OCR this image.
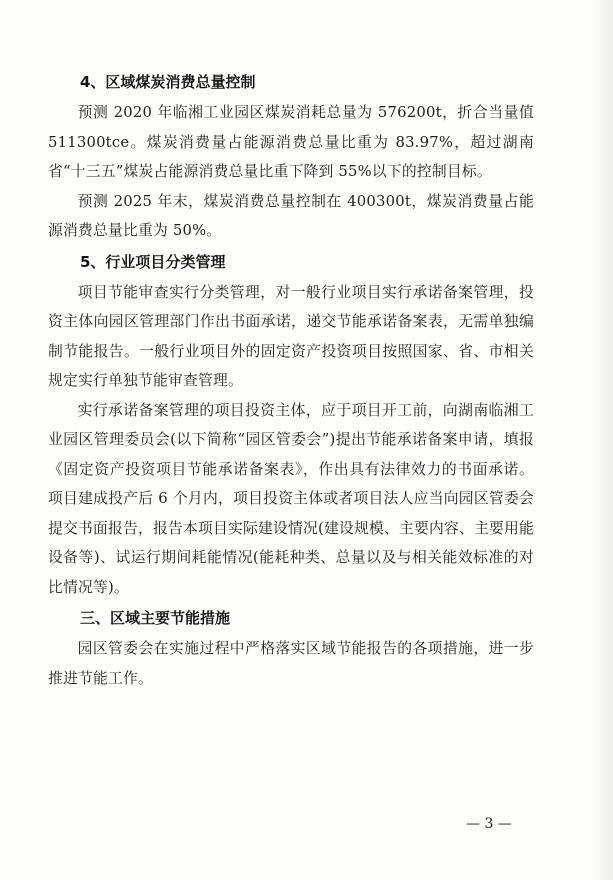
4、区域煤炭消费总量控制

预测 2020 年临湘工业园区煤炭消耗总量为 576200t，折合当量值 511300tce。煤炭消费量占能源消费总量比重为 83.97%，超过湖南省“十三五”煤炭占能源消费总量比重下降到 55%以下的控制目标。

预测 2025 年末，煤炭消费总量控制在 400300t，煤炭消费量占能源消费总量比重为 50%。

5、行业项目分类管理

项目节能审查实行分类管理，对一般行业项目实行承诺备案管理，投资主体向园区管理部门作出书面承诺，递交节能承诺备案表，无需单独编制节能报告。一般行业项目外的固定资产投资项目按照国家、省、市相关规定实行单独节能审查管理。

实行承诺备案管理的项目投资主体，应于项目开工前，向湖南临湘工业园区管理委员会(以下简称“园区管委会”)提出节能承诺备案申请，填报《固定资产投资项目节能承诺备案表》，作出具有法律效力的书面承诺。项目建成投产后 6 个月内，项目投资主体或者项目法人应当向园区管委会提交书面报告，报告本项目实际建设情况(建设规模、主要内容、主要用能设备等)、试运行期间耗能情况(能耗种类、总量以及与相关能效标准的对比情况等)。

三、区域主要节能措施

园区管委会在实施过程中严格落实区域节能报告的各项措施，进一步推进节能工作。

— 3 —
